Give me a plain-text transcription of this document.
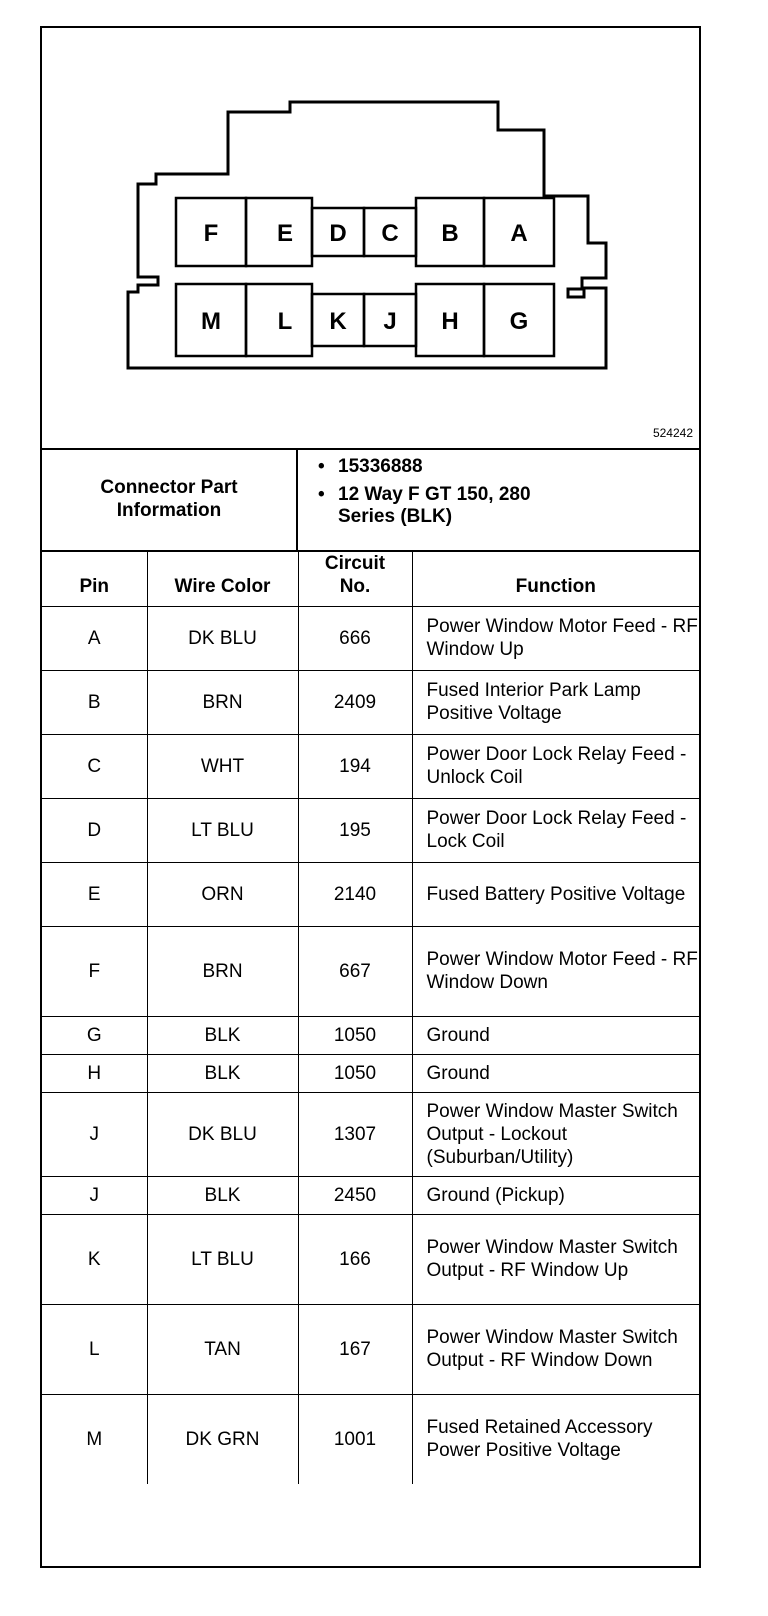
F E D C B A
M L K J H G
524242
Connector Part Information
• 15336888
• 12 Way F GT 150, 280 Series (BLK)
Pin	Wire Color	Circuit No.	Function
A	DK BLU	666	Power Window Motor Feed - RF Window Up
B	BRN	2409	Fused Interior Park Lamp Positive Voltage
C	WHT	194	Power Door Lock Relay Feed - Unlock Coil
D	LT BLU	195	Power Door Lock Relay Feed - Lock Coil
E	ORN	2140	Fused Battery Positive Voltage
F	BRN	667	Power Window Motor Feed - RF Window Down
G	BLK	1050	Ground
H	BLK	1050	Ground
J	DK BLU	1307	Power Window Master Switch Output - Lockout (Suburban/Utility)
J	BLK	2450	Ground (Pickup)
K	LT BLU	166	Power Window Master Switch Output - RF Window Up
L	TAN	167	Power Window Master Switch Output - RF Window Down
M	DK GRN	1001	Fused Retained Accessory Power Positive Voltage
